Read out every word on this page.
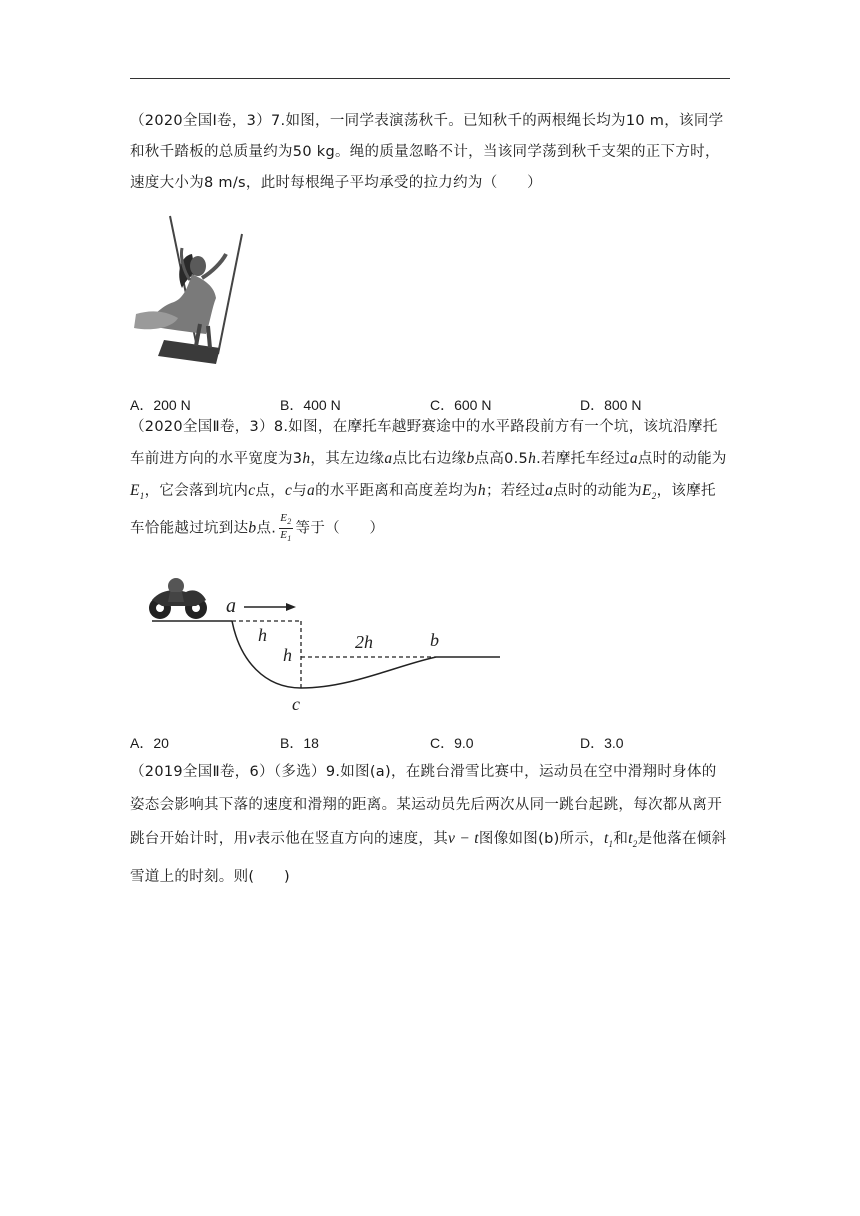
（2020全国Ⅰ卷，3）7.如图，一同学表演荡秋千。已知秋千的两根绳长均为10 m，该同学和秋千踏板的总质量约为50 kg。绳的质量忽略不计，当该同学荡到秋千支架的正下方时，速度大小为8 m/s，此时每根绳子平均承受的拉力约为（　　）
A．200 N	B．400 N	C．600 N	D．800 N
（2020全国Ⅱ卷，3）8.如图，在摩托车越野赛途中的水平路段前方有一个坑，该坑沿摩托车前进方向的水平宽度为3h，其左边缘a点比右边缘b点高0.5h.若摩托车经过a点时的动能为$E_1$，它会落到坑内c点，c与a的水平距离和高度差均为h；若经过a点时的动能为$E_2$，该摩托车恰能越过坑到达b点. $\frac{E_2}{E_1}$ 等于（　　）
a
h
h
2h	b
c
A．20	B．18	C．9.0	D．3.0
（2019全国Ⅱ卷，6）（多选）9.如图(a)，在跳台滑雪比赛中，运动员在空中滑翔时身体的姿态会影响其下落的速度和滑翔的距离。某运动员先后两次从同一跳台起跳，每次都从离开跳台开始计时，用v表示他在竖直方向的速度，其v − t图像如图(b)所示，$t_1$和$t_2$是他落在倾斜雪道上的时刻。则(　　)
